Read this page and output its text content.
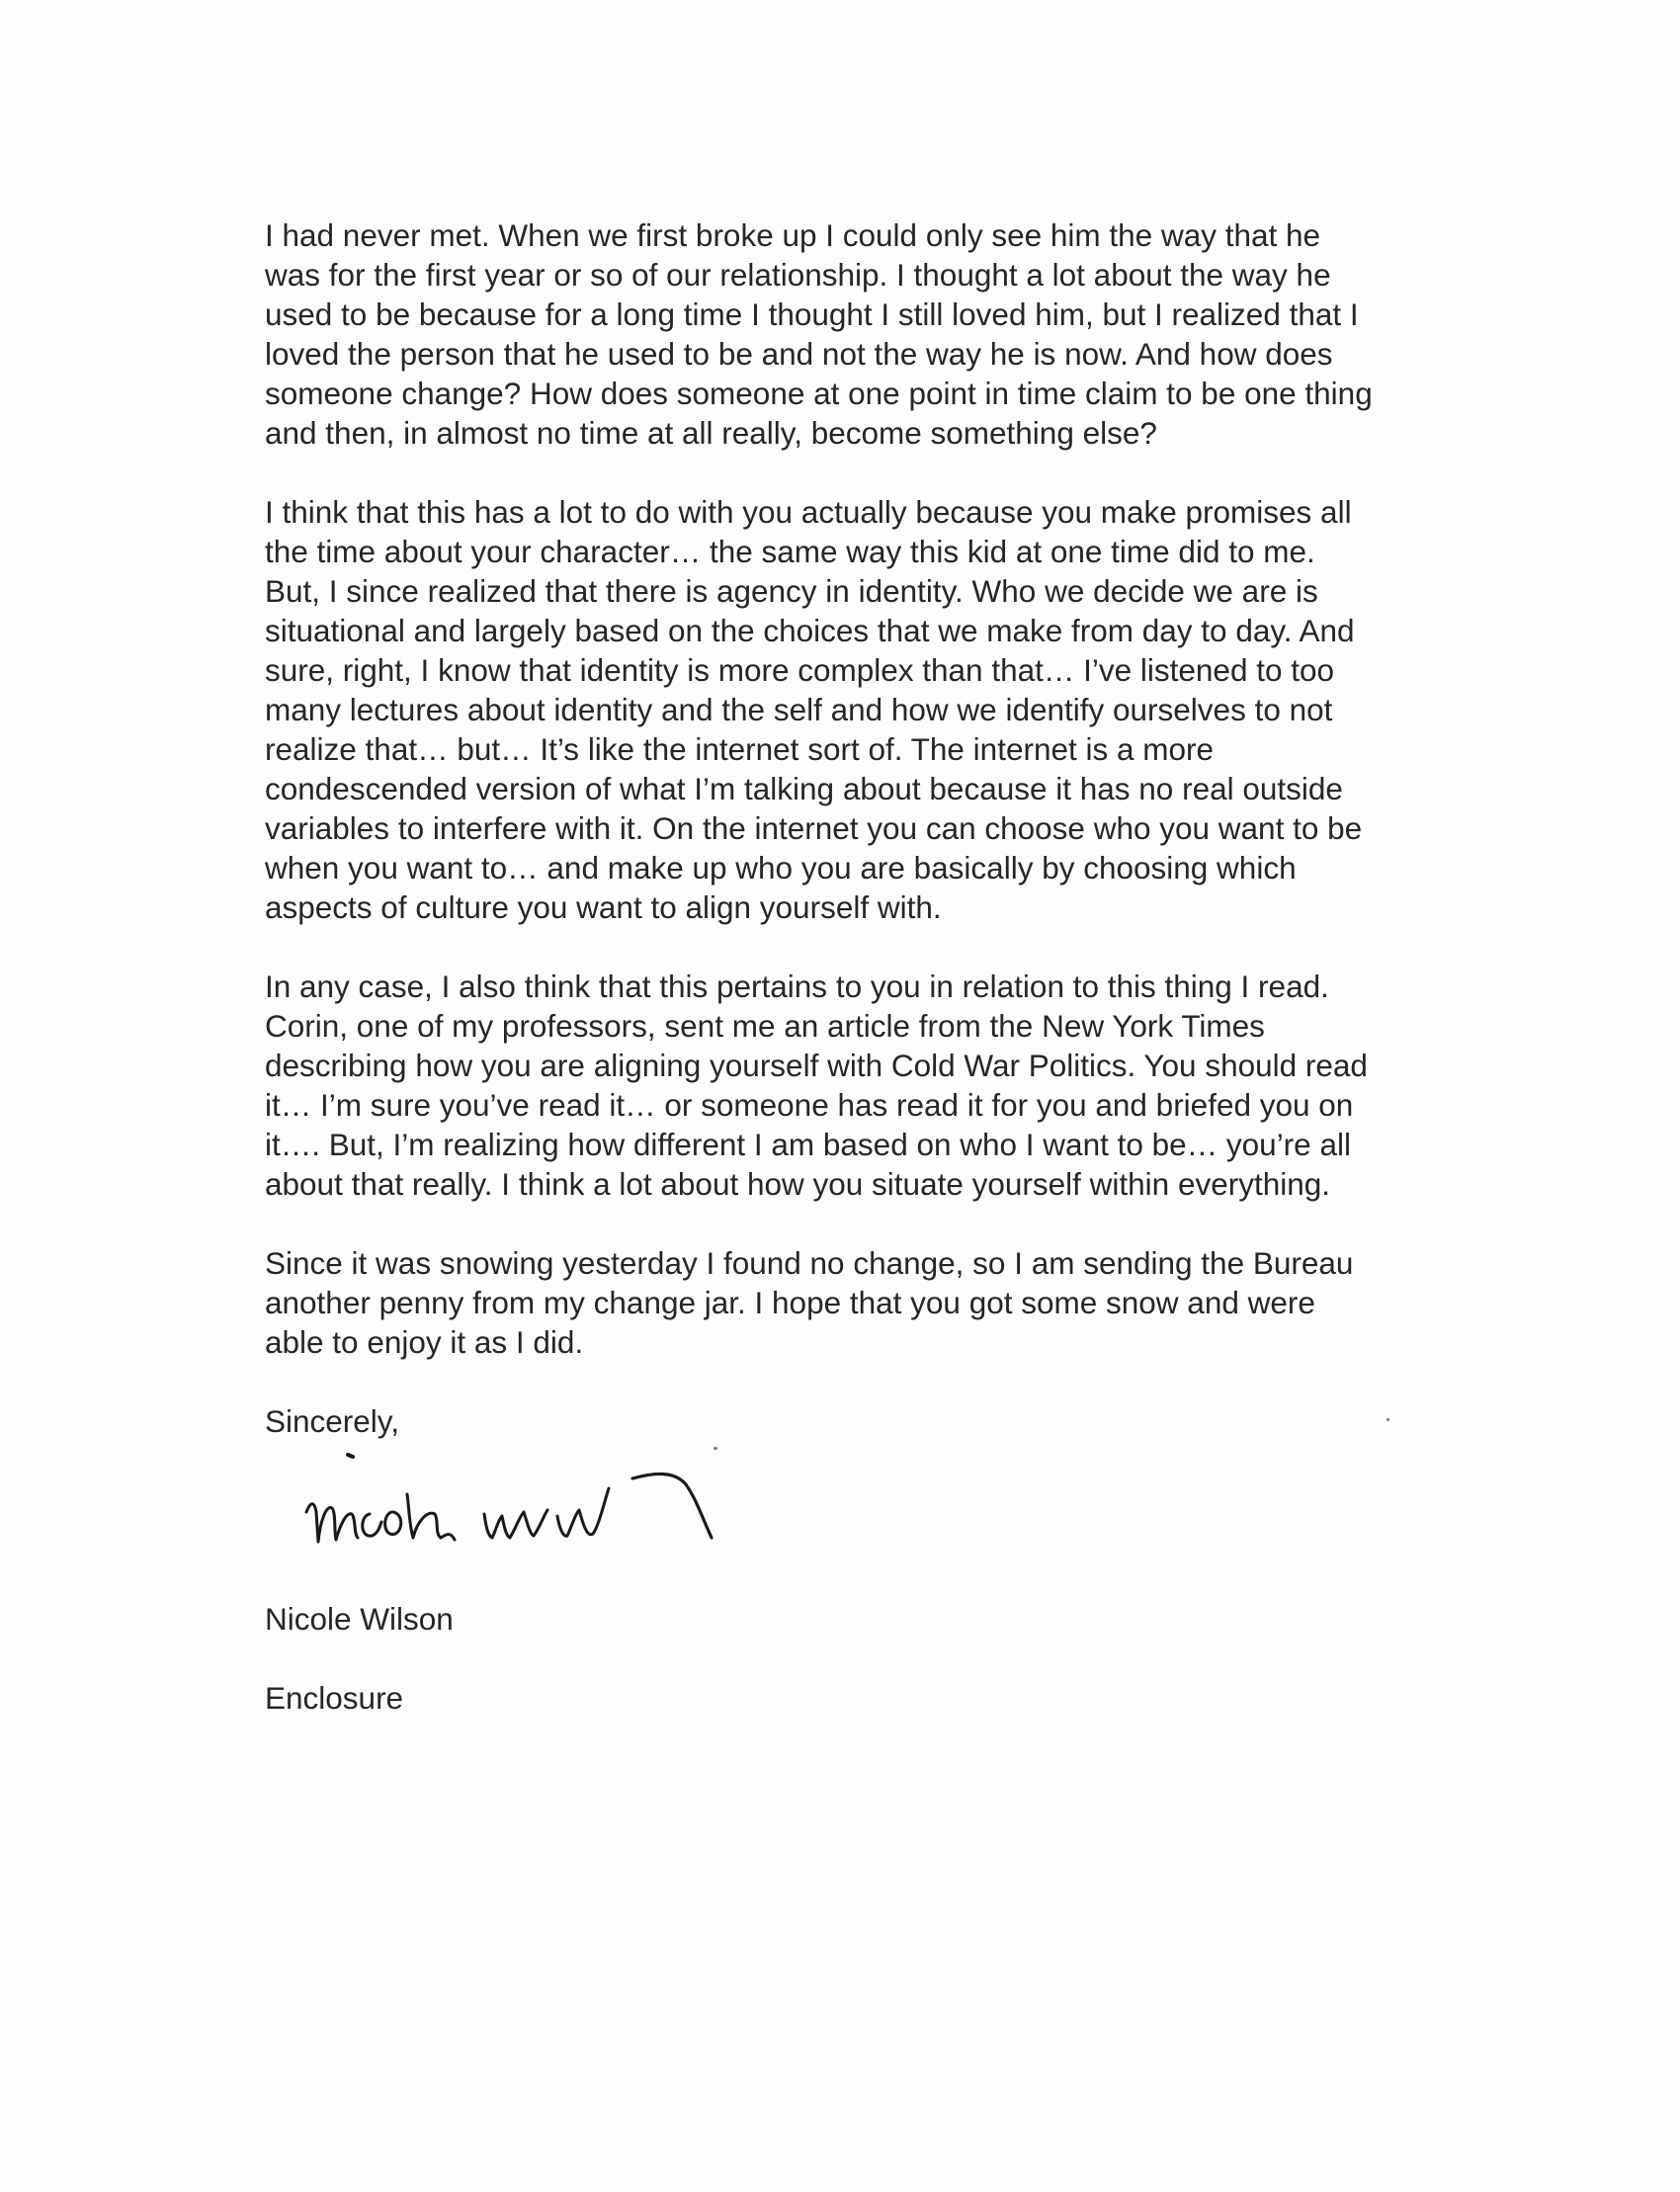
I had never met. When we first broke up I could only see him the way that he
was for the first year or so of our relationship. I thought a lot about the way he
used to be because for a long time I thought I still loved him, but I realized that I
loved the person that he used to be and not the way he is now. And how does
someone change? How does someone at one point in time claim to be one thing
and then, in almost no time at all really, become something else?
I think that this has a lot to do with you actually because you make promises all
the time about your character… the same way this kid at one time did to me.
But, I since realized that there is agency in identity. Who we decide we are is
situational and largely based on the choices that we make from day to day. And
sure, right, I know that identity is more complex than that… I’ve listened to too
many lectures about identity and the self and how we identify ourselves to not
realize that… but… It’s like the internet sort of. The internet is a more
condescended version of what I’m talking about because it has no real outside
variables to interfere with it. On the internet you can choose who you want to be
when you want to… and make up who you are basically by choosing which
aspects of culture you want to align yourself with.
In any case, I also think that this pertains to you in relation to this thing I read.
Corin, one of my professors, sent me an article from the New York Times
describing how you are aligning yourself with Cold War Politics. You should read
it… I’m sure you’ve read it… or someone has read it for you and briefed you on
it…. But, I’m realizing how different I am based on who I want to be… you’re all
about that really. I think a lot about how you situate yourself within everything.
Since it was snowing yesterday I found no change, so I am sending the Bureau
another penny from my change jar. I hope that you got some snow and were
able to enjoy it as I did.
Sincerely,
Nicole Wilson
Enclosure
